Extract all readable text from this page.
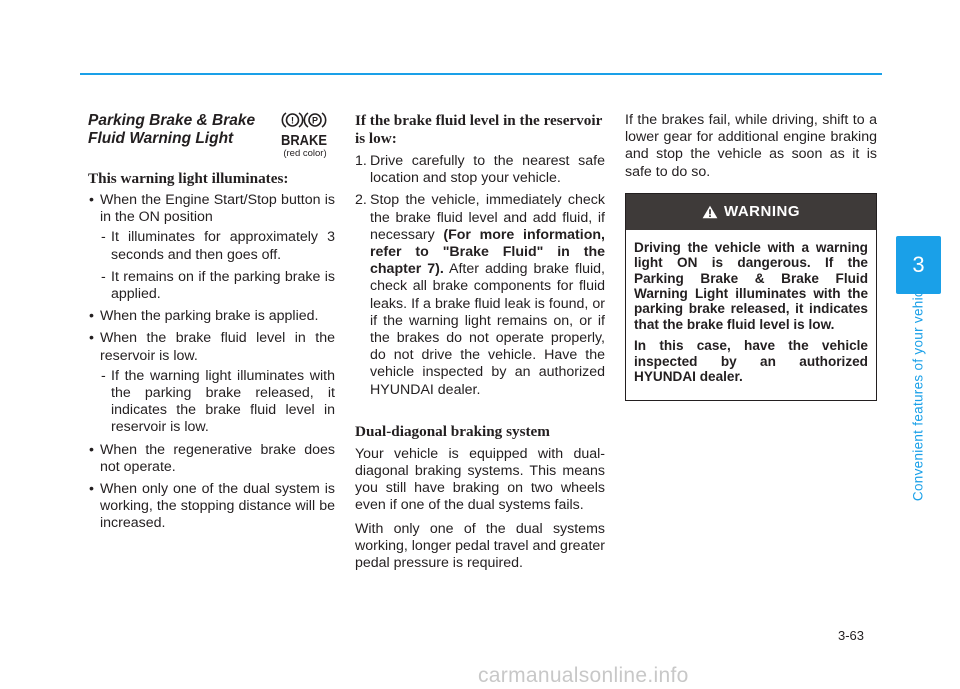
Parking Brake & Brake Fluid Warning Light
! P
BRAKE
(red color)

This warning light illuminates:

• When the Engine Start/Stop button is in the ON position
- It illuminates for approximately 3 seconds and then goes off.
- It remains on if the parking brake is applied.
• When the parking brake is applied.
• When the brake fluid level in the reservoir is low.
- If the warning light illuminates with the parking brake released, it indicates the brake fluid level in reservoir is low.
• When the regenerative brake does not operate.
• When only one of the dual system is working, the stopping distance will be increased.

If the brake fluid level in the reservoir is low:

1. Drive carefully to the nearest safe location and stop your vehicle.
2. Stop the vehicle, immediately check the brake fluid level and add fluid, if necessary (For more information, refer to "Brake Fluid" in the chapter 7). After adding brake fluid, check all brake components for fluid leaks. If a brake fluid leak is found, or if the warning light remains on, or if the brakes do not operate properly, do not drive the vehicle. Have the vehicle inspected by an authorized HYUNDAI dealer.

Dual-diagonal braking system

Your vehicle is equipped with dual-diagonal braking systems. This means you still have braking on two wheels even if one of the dual systems fails.

With only one of the dual systems working, longer pedal travel and greater pedal pressure is required.

If the brakes fail, while driving, shift to a lower gear for additional engine braking and stop the vehicle as soon as it is safe to do so.

WARNING

Driving the vehicle with a warning light ON is dangerous. If the Parking Brake & Brake Fluid Warning Light illuminates with the parking brake released, it indicates that the brake fluid level is low.

In this case, have the vehicle inspected by an authorized HYUNDAI dealer.

3
Convenient features of your vehicle
3-63
carmanualsonline.info
